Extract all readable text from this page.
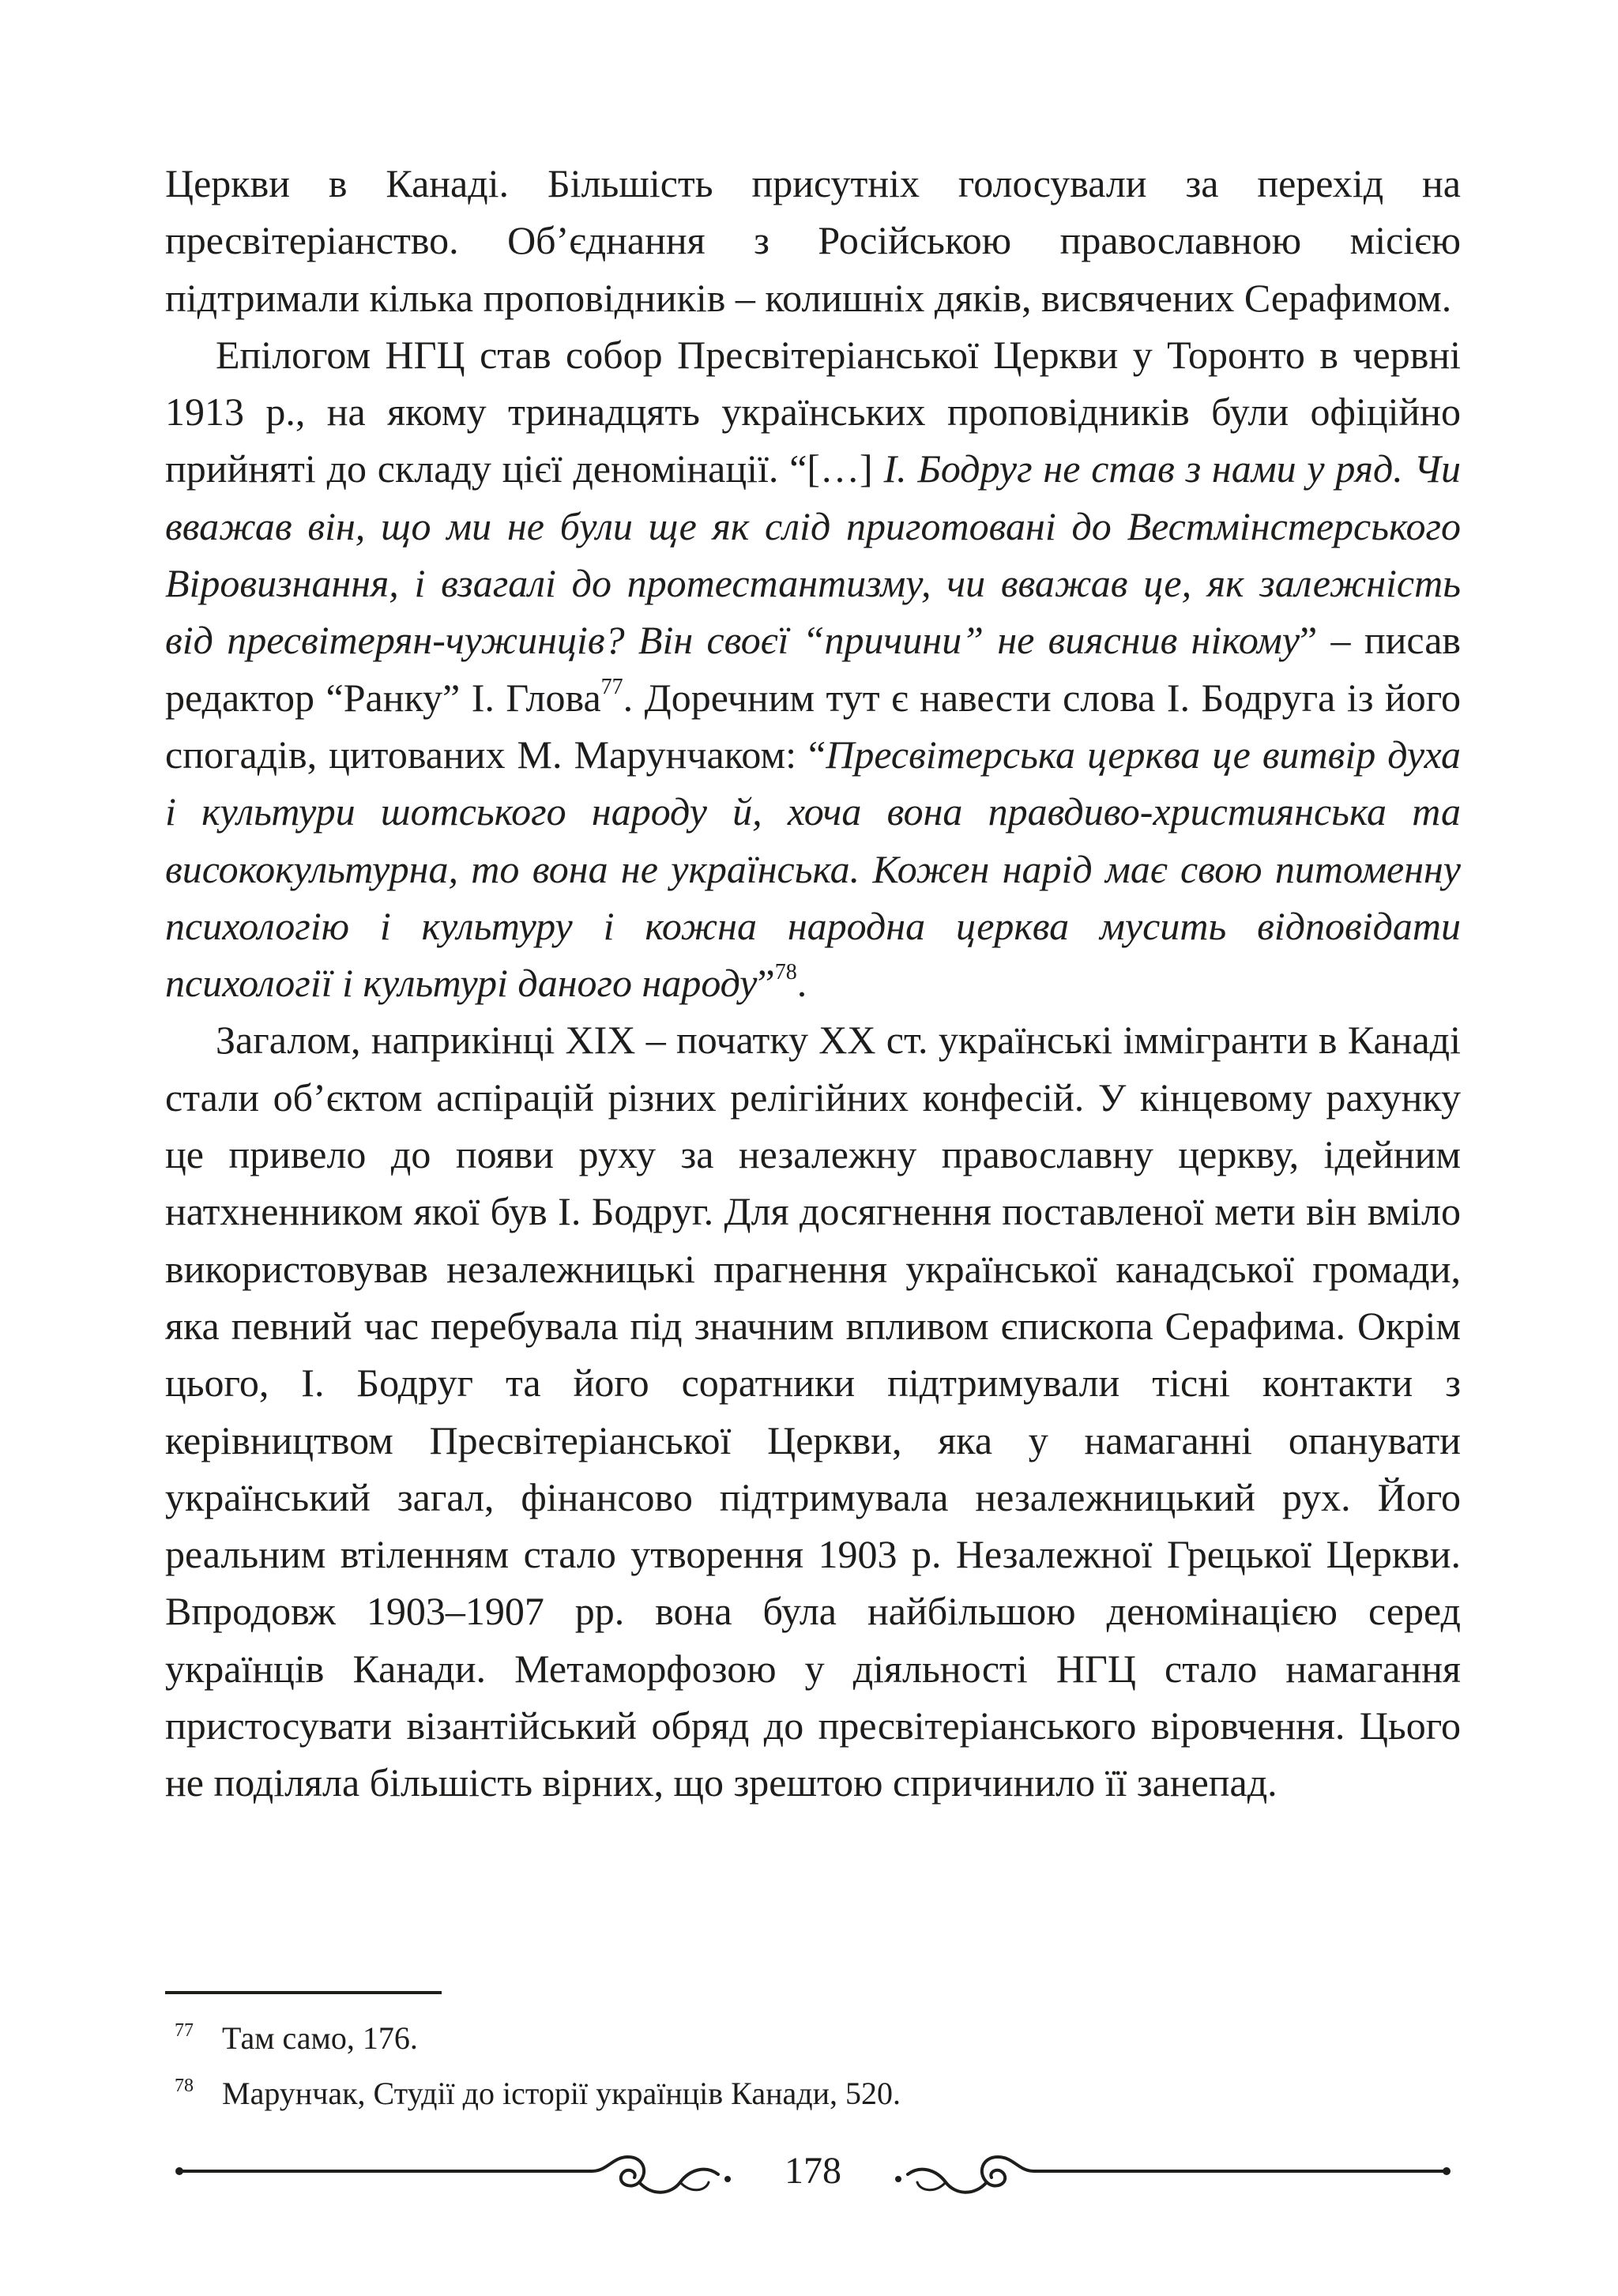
Церкви в Канаді. Більшість присутніх голосували за перехід на пресвітеріанство. Об’єднання з Російською православною місією підтримали кілька проповідників – колишніх дяків, висвячених Серафимом.

Епілогом НГЦ став собор Пресвітеріанської Церкви у Торонто в червні 1913 р., на якому тринадцять українських проповідників були офіційно прийняті до складу цієї деномінації. “[…] І. Бодруг не став з нами у ряд. Чи вважав він, що ми не були ще як слід приготовані до Вестмінстерського Віровизнання, і взагалі до протестантизму, чи вважав це, як залежність від пресвітерян-чужинців? Він своєї “причини” не вияснив нікому” – писав редактор “Ранку” І. Глова$^{77}$. Доречним тут є навести слова І. Бодруга із його спогадів, цитованих М. Марунчаком: “Пресвітерська церква це витвір духа і культури шотського народу й, хоча вона правдиво-християнська та висококультурна, то вона не українська. Кожен нарід має свою питоменну психологію і культуру і кожна народна церква мусить відповідати психології і культурі даного народу”$^{78}$.

Загалом, наприкінці XIX – початку XX ст. українські іммігранти в Канаді стали об’єктом аспірацій різних релігійних конфесій. У кінцевому рахунку це привело до появи руху за незалежну православну церкву, ідейним натхненником якої був І. Бодруг. Для досягнення поставленої мети він вміло використовував незалежницькі прагнення української канадської громади, яка певний час перебувала під значним впливом єпископа Серафима. Окрім цього, І. Бодруг та його соратники підтримували тісні контакти з керівництвом Пресвітеріанської Церкви, яка у намаганні опанувати український загал, фінансово підтримувала незалежницький рух. Його реальним втіленням стало утворення 1903 р. Незалежної Грецької Церкви. Впродовж 1903–1907 рр. вона була найбільшою деномінацією серед українців Канади. Метаморфозою у діяльності НГЦ стало намагання пристосувати візантійський обряд до пресвітеріанського віровчення. Цього не поділяла більшість вірних, що зрештою спричинило її занепад.

77 Там само, 176.

78 Марунчак, Студії до історії українців Канади, 520.

178
